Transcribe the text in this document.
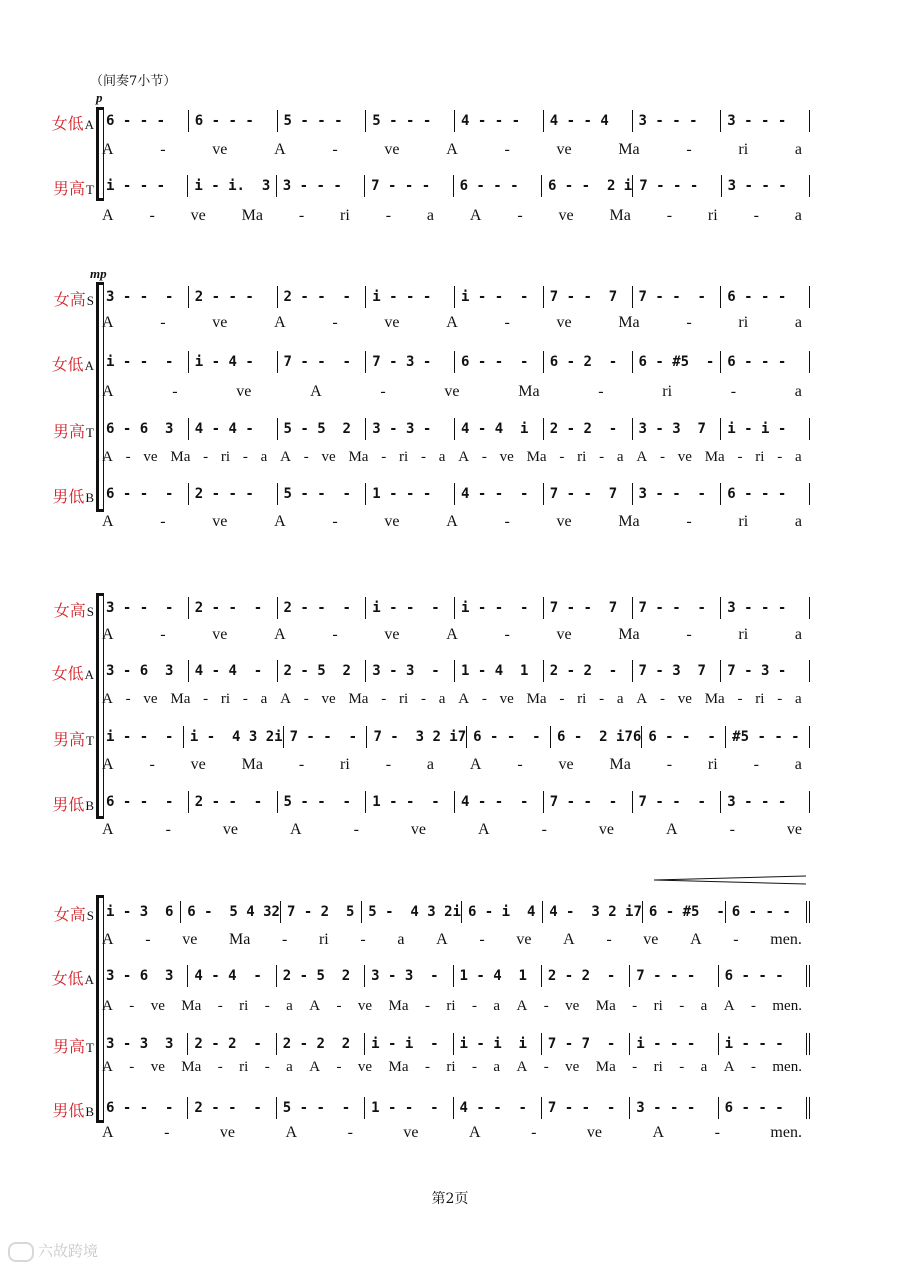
（间奏7小节）
p
mp
女低A 6 - - -	6 - - -	5 - - -	5 - - -	4 - - -	4 - - 4	3 - - -	3 - - -
A	-	ve	A	-	ve	A	-	ve	Ma	-	ri	a
男高T i - - -	i - i.  3 3 - - -	7 - - -	6 - - -	6 - -  2 i 7 - - -	3 - - -
A - ve Ma - ri - a A - ve Ma - ri - a
女高S 3 - -  -	2 - - -	2 - -  -	i - - -	i - -  -	7 - -  7	7 - -  -	6 - - -
A	-	ve	A	-	ve	A	-	ve	Ma	-	ri	a
女低A i - -  -	i - 4 -	7 - -  -	7 - 3 -	6 - -  -	6 - 2  -	6 - #5  - 6 - - -
A	-	ve	A	-	ve	Ma	-	ri	-	a
男高T 6 - 6  3	4 - 4 -	5 - 5  2	3 - 3 -	4 - 4  i	2 - 2  -	3 - 3  7	i - i -
A - ve Ma - ri - a A - ve Ma - ri - a A - ve Ma - ri - a A - ve Ma - ri - a
男低B 6 - -  -	2 - - -	5 - -  -	1 - - -	4 - -  -	7 - -  7	3 - -  -	6 - - -
A	-	ve	A	-	ve	A	-	ve	Ma	-	ri	a
女高S 3 - -  -	2 - -  -	2 - -  -	i - -  -	i - -  -	7 - -  7	7 - -  -	3 - - -
A	-	ve	A	-	ve	A	-	ve	Ma	-	ri	a
女低A 3 - 6  3	4 - 4  -	2 - 5  2	3 - 3  -	1 - 4  1	2 - 2  -	7 - 3  7	7 - 3 -
A - ve Ma - ri - a A - ve Ma - ri - a A - ve Ma - ri - a A - ve Ma - ri - a
男高T i - -  -	i -  4 3 2i 7 - -  -	7 -  3 2 i7 6 - -  -	6 -  2 i76 6 - -  -	#5 - - -
A - ve Ma - ri - a A - ve Ma - ri - a
男低B 6 - -  -	2 - -  -	5 - -  -	1 - -  -	4 - -  -	7 - -  -	7 - -  -	3 - - -
A	-	ve	A	-	ve	A	-	ve	A	-	ve
女高S i - 3  6 6 -  5 4 32 7 - 2  5 5 -  4 3 2i 6 - i  4 4 -  3 2 i7 6 - #5  - 6 - - -
A - ve Ma - ri - a A - ve A - ve A - men.
女低A 3 - 6  3	4 - 4  -	2 - 5  2	3 - 3  -	1 - 4  1	2 - 2  -	7 - - -	6 - - -
A - ve Ma - ri - a A - ve Ma - ri - a A - ve Ma - ri - a A - men.
男高T 3 - 3  3	2 - 2  -	2 - 2  2	i - i  -	i - i  i	7 - 7  -	i - - -	i - - -
A - ve Ma - ri - a A - ve Ma - ri - a A - ve Ma - ri - a A - men.
男低B 6 - -  -	2 - -  -	5 - -  -	1 - -  -	4 - -  -	7 - -  -	3 - - -	6 - - -
A	-	ve	A	-	ve	A	-	ve	A	-	men.
第2页
六故跨境
